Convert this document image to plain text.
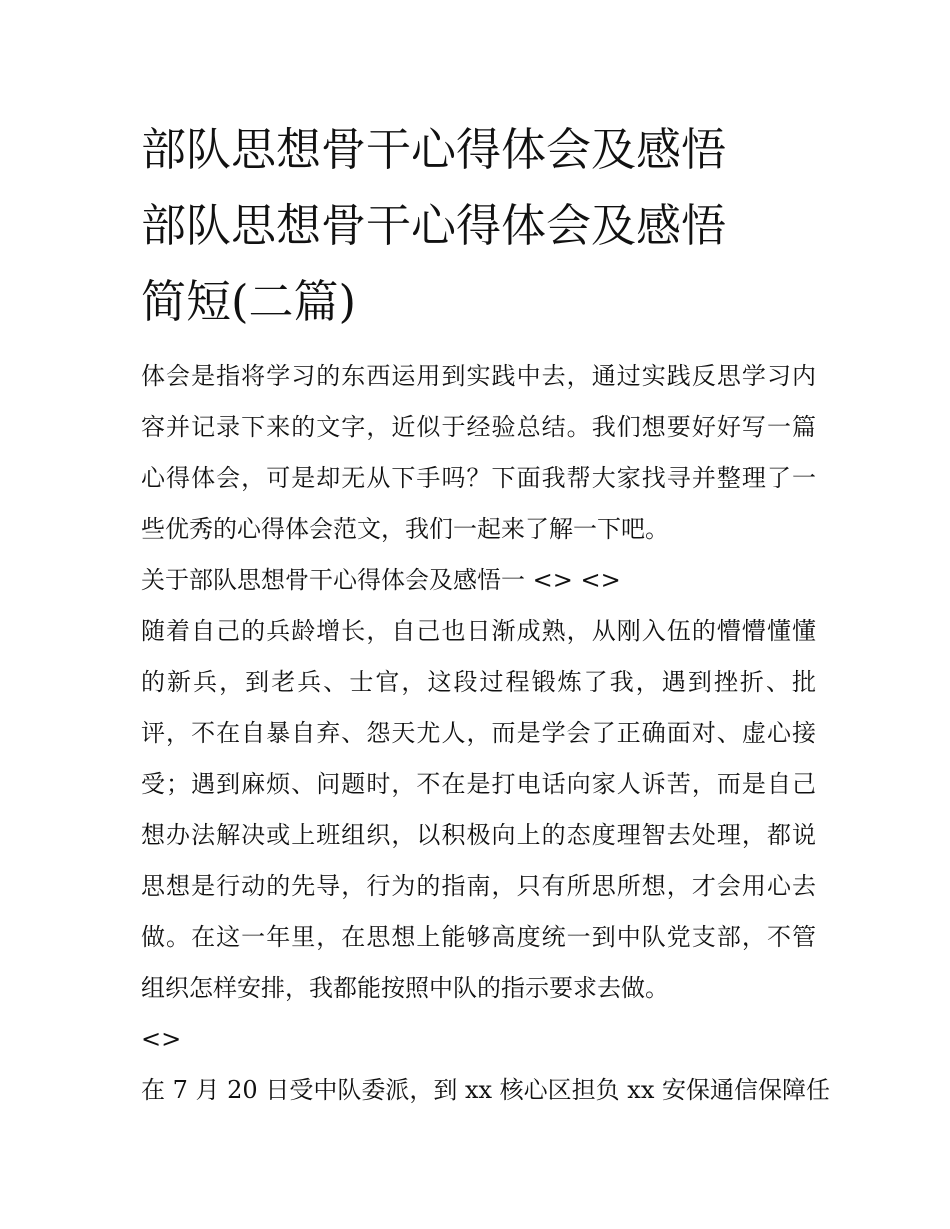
部队思想骨干心得体会及感悟
部队思想骨干心得体会及感悟
简短(二篇)

体会是指将学习的东西运用到实践中去，通过实践反思学习内
容并记录下来的文字，近似于经验总结。我们想要好好写一篇
心得体会，可是却无从下手吗？下面我帮大家找寻并整理了一
些优秀的心得体会范文，我们一起来了解一下吧。

关于部队思想骨干心得体会及感悟一 <> <>

随着自己的兵龄增长，自己也日渐成熟，从刚入伍的懵懵懂懂
的新兵，到老兵、士官，这段过程锻炼了我，遇到挫折、批
评，不在自暴自弃、怨天尤人，而是学会了正确面对、虚心接
受；遇到麻烦、问题时，不在是打电话向家人诉苦，而是自己
想办法解决或上班组织，以积极向上的态度理智去处理，都说
思想是行动的先导，行为的指南，只有所思所想，才会用心去
做。在这一年里，在思想上能够高度统一到中队党支部，不管
组织怎样安排，我都能按照中队的指示要求去做。

<>

在 7 月 20 日受中队委派，到 xx 核心区担负 xx 安保通信保障任
